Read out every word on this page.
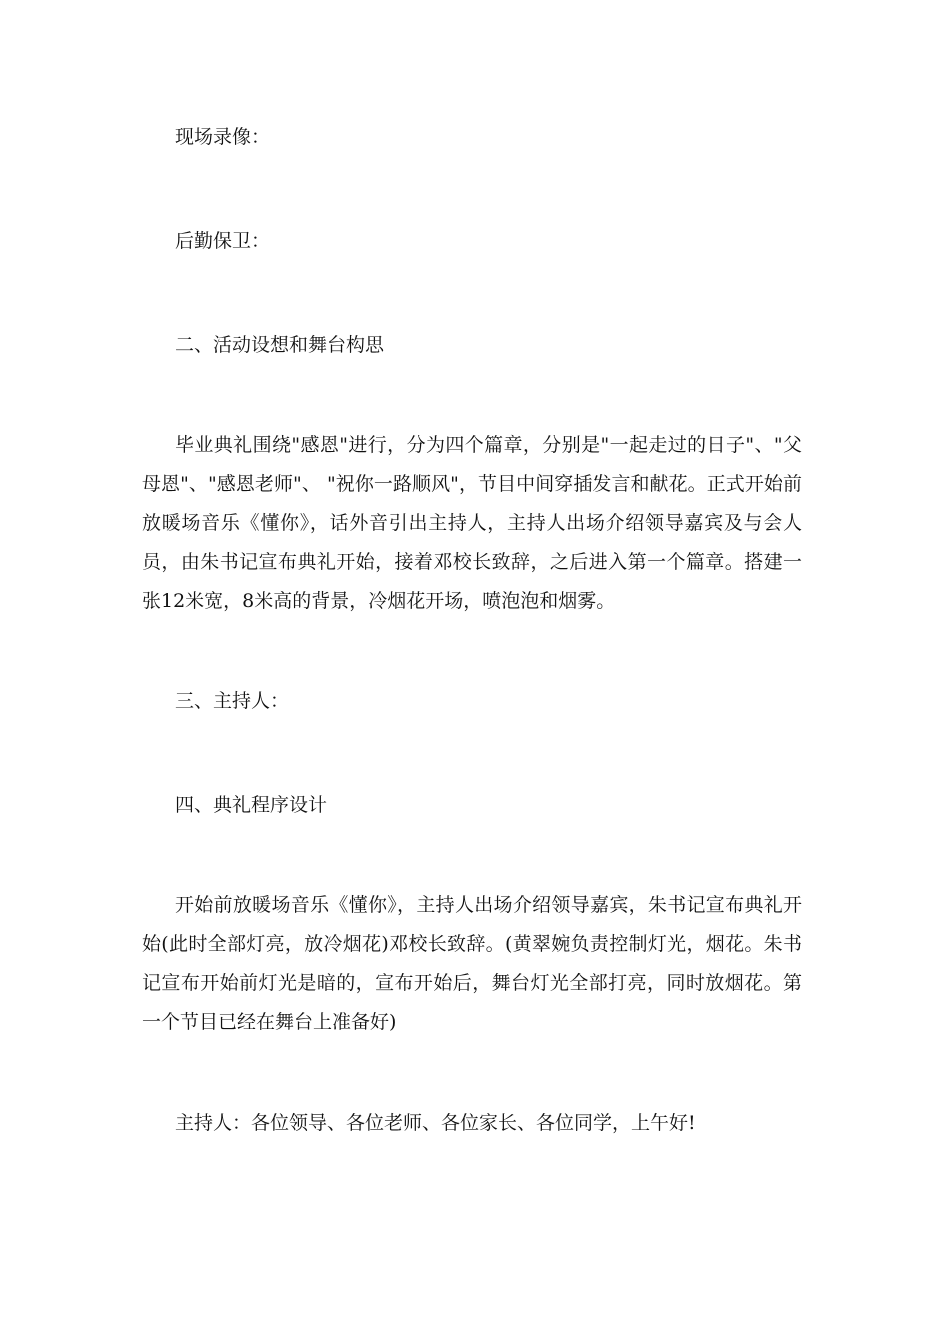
现场录像：

后勤保卫：

二、活动设想和舞台构思

毕业典礼围绕"感恩"进行，分为四个篇章，分别是"一起走过的日子"、"父母恩"、"感恩老师"、 "祝你一路顺风"，节目中间穿插发言和献花。正式开始前放暖场音乐《懂你》，话外音引出主持人，主持人出场介绍领导嘉宾及与会人员，由朱书记宣布典礼开始，接着邓校长致辞，之后进入第一个篇章。搭建一张12米宽，8米高的背景，冷烟花开场，喷泡泡和烟雾。

三、主持人：

四、典礼程序设计

开始前放暖场音乐《懂你》，主持人出场介绍领导嘉宾，朱书记宣布典礼开始(此时全部灯亮，放冷烟花)邓校长致辞。(黄翠婉负责控制灯光，烟花。朱书记宣布开始前灯光是暗的，宣布开始后，舞台灯光全部打亮，同时放烟花。第一个节目已经在舞台上准备好)

主持人：各位领导、各位老师、各位家长、各位同学，上午好!
